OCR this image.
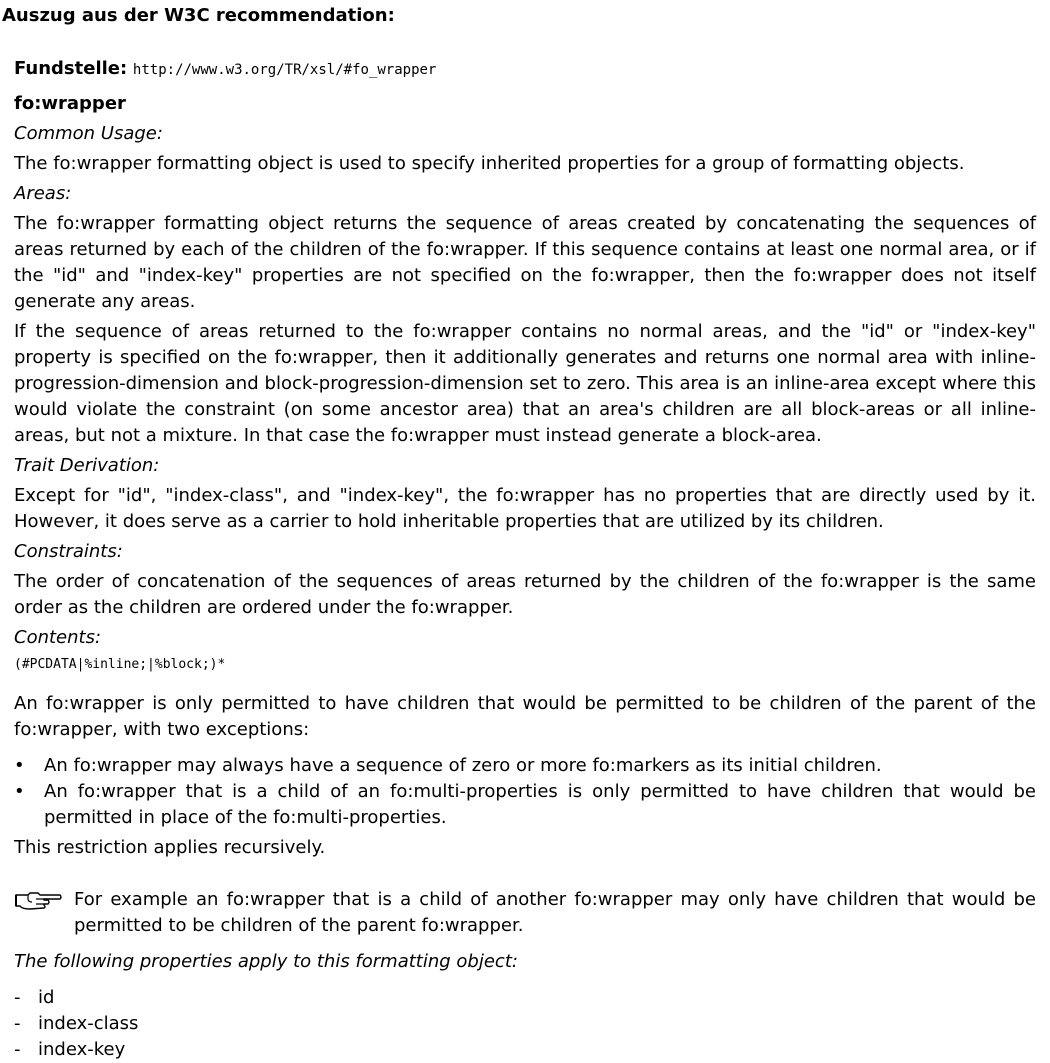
Auszug aus der W3C recommendation:
Fundstelle: http://www.w3.org/TR/xsl/#fo_wrapper
fo:wrapper
Common Usage:
The fo:wrapper formatting object is used to specify inherited properties for a group of formatting objects.
Areas:
The fo:wrapper formatting object returns the sequence of areas created by concatenating the sequences of areas returned by each of the children of the fo:wrapper. If this sequence contains at least one normal area, or if the "id" and "index-key" properties are not specified on the fo:wrapper, then the fo:wrapper does not itself generate any areas.
If the sequence of areas returned to the fo:wrapper contains no normal areas, and the "id" or "index-key" property is specified on the fo:wrapper, then it additionally generates and returns one normal area with inline-progression-dimension and block-progression-dimension set to zero. This area is an inline-area except where this would violate the constraint (on some ancestor area) that an area's children are all block-areas or all inline-areas, but not a mixture. In that case the fo:wrapper must instead generate a block-area.
Trait Derivation:
Except for "id", "index-class", and "index-key", the fo:wrapper has no properties that are directly used by it. However, it does serve as a carrier to hold inheritable properties that are utilized by its children.
Constraints:
The order of concatenation of the sequences of areas returned by the children of the fo:wrapper is the same order as the children are ordered under the fo:wrapper.
Contents:
(#PCDATA|%inline;|%block;)*
An fo:wrapper is only permitted to have children that would be permitted to be children of the parent of the fo:wrapper, with two exceptions:
• An fo:wrapper may always have a sequence of zero or more fo:markers as its initial children.
• An fo:wrapper that is a child of an fo:multi-properties is only permitted to have children that would be permitted in place of the fo:multi-properties.
This restriction applies recursively.
For example an fo:wrapper that is a child of another fo:wrapper may only have children that would be permitted to be children of the parent fo:wrapper.
The following properties apply to this formatting object:
- id
- index-class
- index-key
